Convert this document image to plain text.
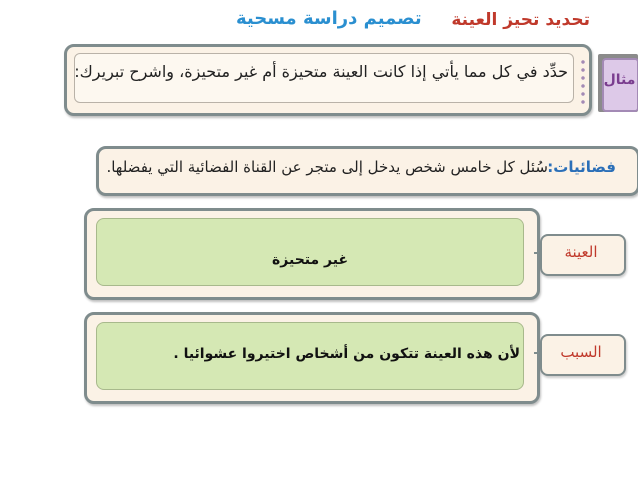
تحديد تحيز العينة
تصميم دراسة مسحية
حدِّد في كل مما يأتي إذا كانت العينة متحيزة أم غير متحيزة، واشرح تبريرك:	مثال
فضائيات:
سُئل كل خامس شخص يدخل إلى متجر عن القناة الفضائية التي يفضلها.
غير متحيزة	العينة
لأن هذه العينة تتكون من أشخاص اختيروا عشوائيا .	السبب
